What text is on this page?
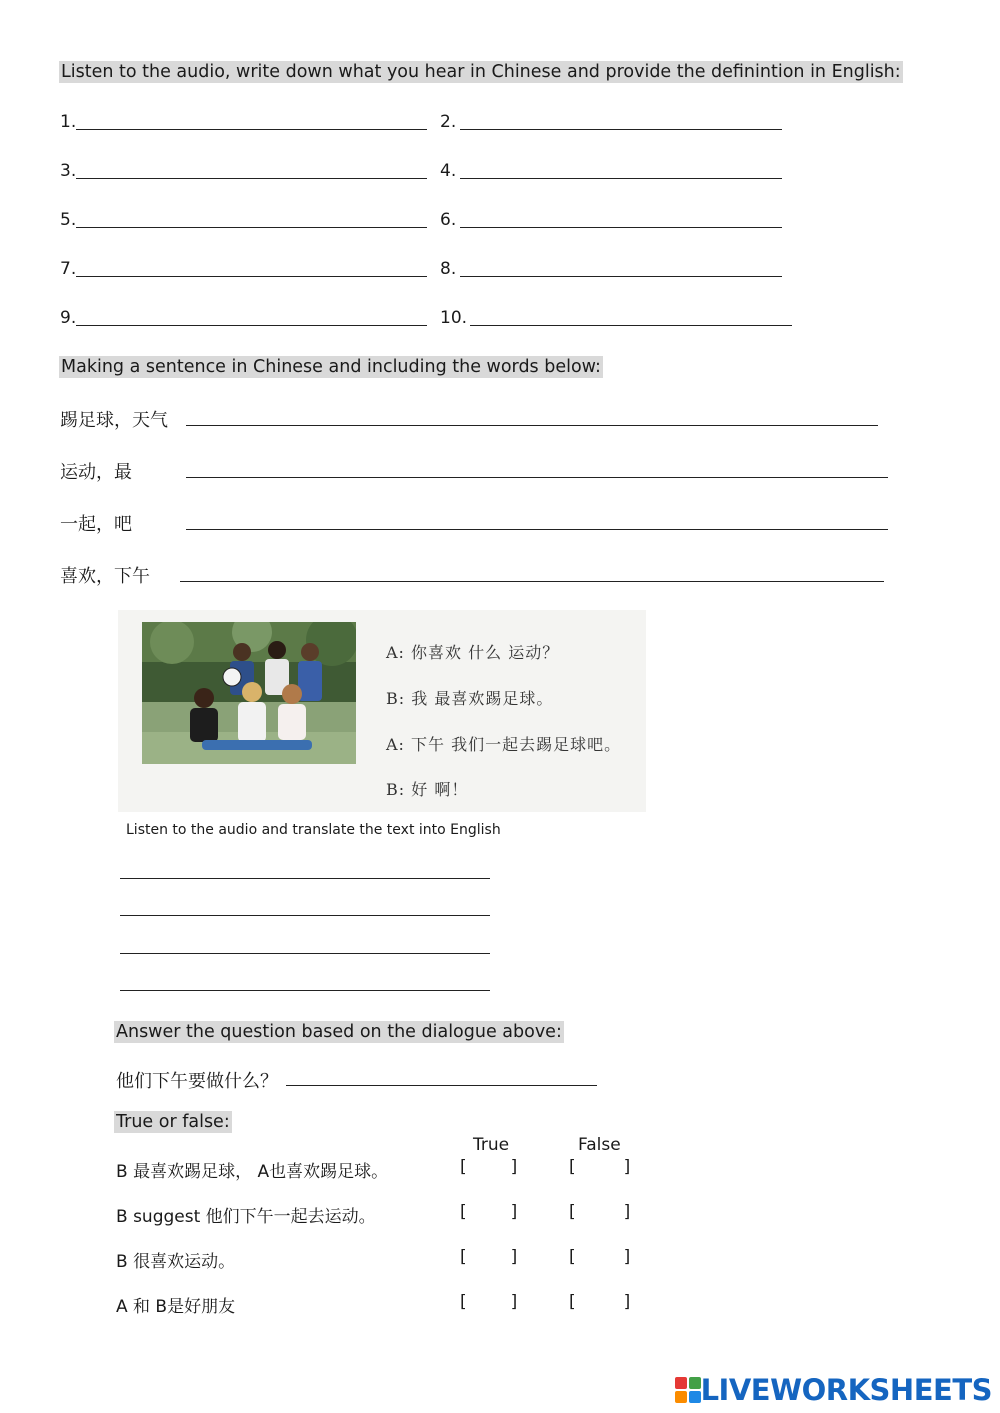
Listen to the audio, write down what you hear in Chinese and provide the definintion in English:
1.	2.
3.	4.
5.	6.
7.	8.
9.	10.
Making a sentence in Chinese and including the words below:
踢足球，天气
运动，最
一起，吧
喜欢，下午
A: 你喜欢 什么 运动？
B: 我 最喜欢踢足球。
A: 下午 我们一起去踢足球吧。
B: 好 啊！
Listen to the audio and translate the text into English
Answer the question based on the dialogue above:
他们下午要做什么？
True or false:
True	False
B 最喜欢踢足球， A也喜欢踢足球。	[	]	[	]
B suggest 他们下午一起去运动。	[	]	[	]
B 很喜欢运动。	[	]	[	]
A 和 B是好朋友	[	]	[	]
LIVEWORKSHEETS
